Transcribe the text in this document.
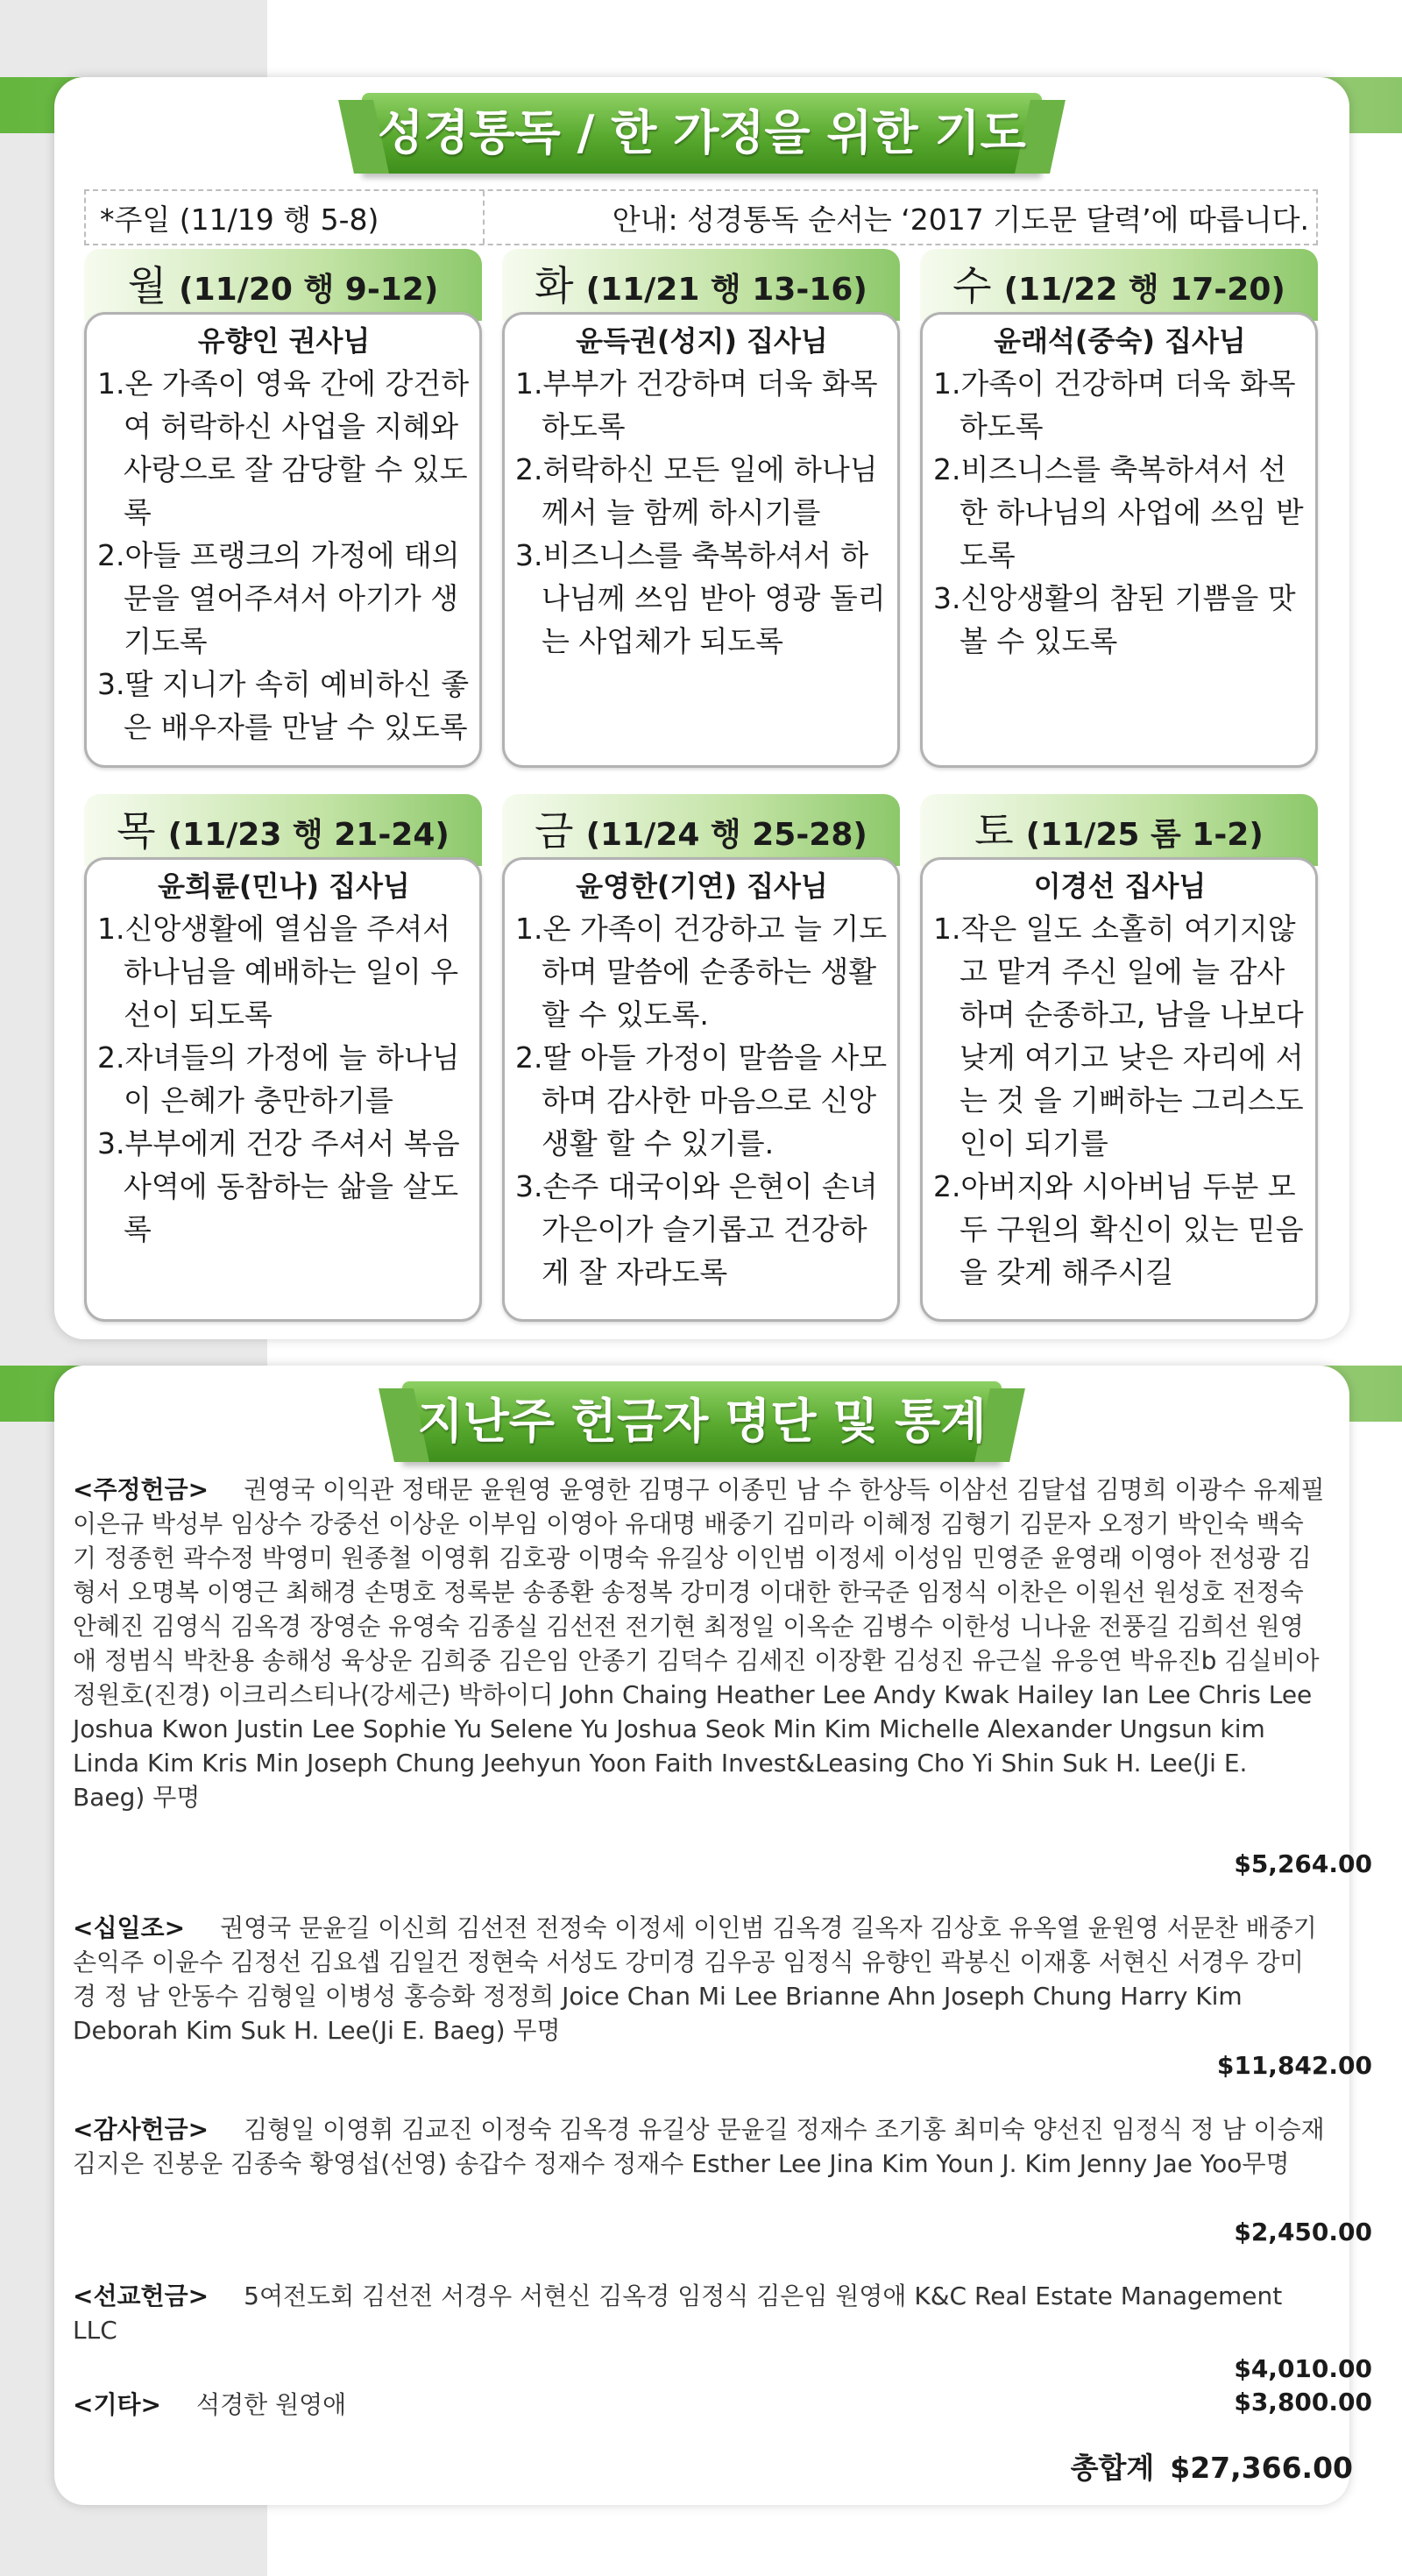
성경통독 / 한 가정을 위한 기도
*주일 (11/19 행 5-8)	안내: 성경통독 순서는 ‘2017 기도문 달력’에 따릅니다.
월 (11/20 행 9-12)
유향인 권사님
1.온 가족이 영육 간에 강건하여 허락하신 사업을 지혜와 사랑으로 잘 감당할 수 있도록
2.아들 프랭크의 가정에 태의 문을 열어주셔서 아기가 생기도록
3.딸 지니가 속히 예비하신 좋은 배우자를 만날 수 있도록
화 (11/21 행 13-16)
윤득권(성지) 집사님
1.부부가 건강하며 더욱 화목하도록
2.허락하신 모든 일에 하나님께서 늘 함께 하시기를
3.비즈니스를 축복하셔서 하나님께 쓰임 받아 영광 돌리는 사업체가 되도록
수 (11/22 행 17-20)
윤래석(중숙) 집사님
1.가족이 건강하며 더욱 화목하도록
2.비즈니스를 축복하셔서 선한 하나님의 사업에 쓰임 받도록
3.신앙생활의 참된 기쁨을 맛볼 수 있도록
목 (11/23 행 21-24)
윤희륜(민나) 집사님
1.신앙생활에 열심을 주셔서 하나님을 예배하는 일이 우선이 되도록
2.자녀들의 가정에 늘 하나님이 은혜가 충만하기를
3.부부에게 건강 주셔서 복음 사역에 동참하는 삶을 살도록
금 (11/24 행 25-28)
윤영한(기연) 집사님
1.온 가족이 건강하고 늘 기도하며 말씀에 순종하는 생활 할 수 있도록.
2.딸 아들 가정이 말씀을 사모하며 감사한 마음으로 신앙생활 할 수 있기를.
3.손주 대국이와 은현이 손녀 가은이가 슬기롭고 건강하게 잘 자라도록
토 (11/25 롬 1-2)
이경선 집사님
1.작은 일도 소홀히 여기지않고 맡겨 주신 일에 늘 감사하며 순종하고, 남을 나보다 낮게 여기고 낮은 자리에 서는 것 을 기뻐하는 그리스도인이 되기를
2.아버지와 시아버님 두분 모두 구원의 확신이 있는 믿음을 갖게 해주시길
지난주 헌금자 명단 및 통계
<주정헌금> 권영국 이익관 정태문 윤원영 윤영한 김명구 이종민 남 수 한상득 이삼선 김달섭 김명희 이광수 유제필 이은규 박성부 임상수 강중선 이상운 이부임 이영아 유대명 배중기 김미라 이혜정 김형기 김문자 오정기 박인숙 백숙기 정종헌 곽수정 박영미 원종철 이영휘 김호광 이명숙 유길상 이인범 이정세 이성임 민영준 윤영래 이영아 전성광 김형서 오명복 이영근 최해경 손명호 정록분 송종환 송정복 강미경 이대한 한국준 임정식 이찬은 이원선 원성호 전정숙 안혜진 김영식 김옥경 장영순 유영숙 김종실 김선전 전기현 최정일 이옥순 김병수 이한성 니나윤 전풍길 김희선 원영애 정범식 박찬용 송해성 육상운 김희중 김은임 안종기 김덕수 김세진 이장환 김성진 유근실 유응연 박유진b 김실비아 정원호(진경) 이크리스티나(강세근) 박하이디 John Chaing Heather Lee Andy Kwak Hailey Ian Lee Chris Lee Joshua Kwon Justin Lee Sophie Yu Selene Yu Joshua Seok Min Kim Michelle Alexander Ungsun kim Linda Kim Kris Min Joseph Chung Jeehyun Yoon Faith Invest&Leasing Cho Yi Shin Suk H. Lee(Ji E. Baeg) 무명
$5,264.00
<십일조> 권영국 문윤길 이신희 김선전 전정숙 이정세 이인범 김옥경 길옥자 김상호 유옥열 윤원영 서문찬 배중기 손익주 이윤수 김정선 김요셉 김일건 정현숙 서성도 강미경 김우공 임정식 유향인 곽봉신 이재홍 서현신 서경우 강미경 정 남 안동수 김형일 이병성 홍승화 정정희 Joice Chan Mi Lee Brianne Ahn Joseph Chung Harry Kim Deborah Kim Suk H. Lee(Ji E. Baeg) 무명
$11,842.00
<감사헌금> 김형일 이영휘 김교진 이정숙 김옥경 유길상 문윤길 정재수 조기홍 최미숙 양선진 임정식 정 남 이승재 김지은 진봉운 김종숙 황영섭(선영) 송갑수 정재수 정재수 Esther Lee Jina Kim Youn J. Kim Jenny Jae Yoo무명
$2,450.00
<선교헌금> 5여전도회 김선전 서경우 서현신 김옥경 임정식 김은임 원영애 K&C Real Estate Management LLC
$4,010.00
<기타> 석경한 원영애	$3,800.00
총합계 $27,366.00
